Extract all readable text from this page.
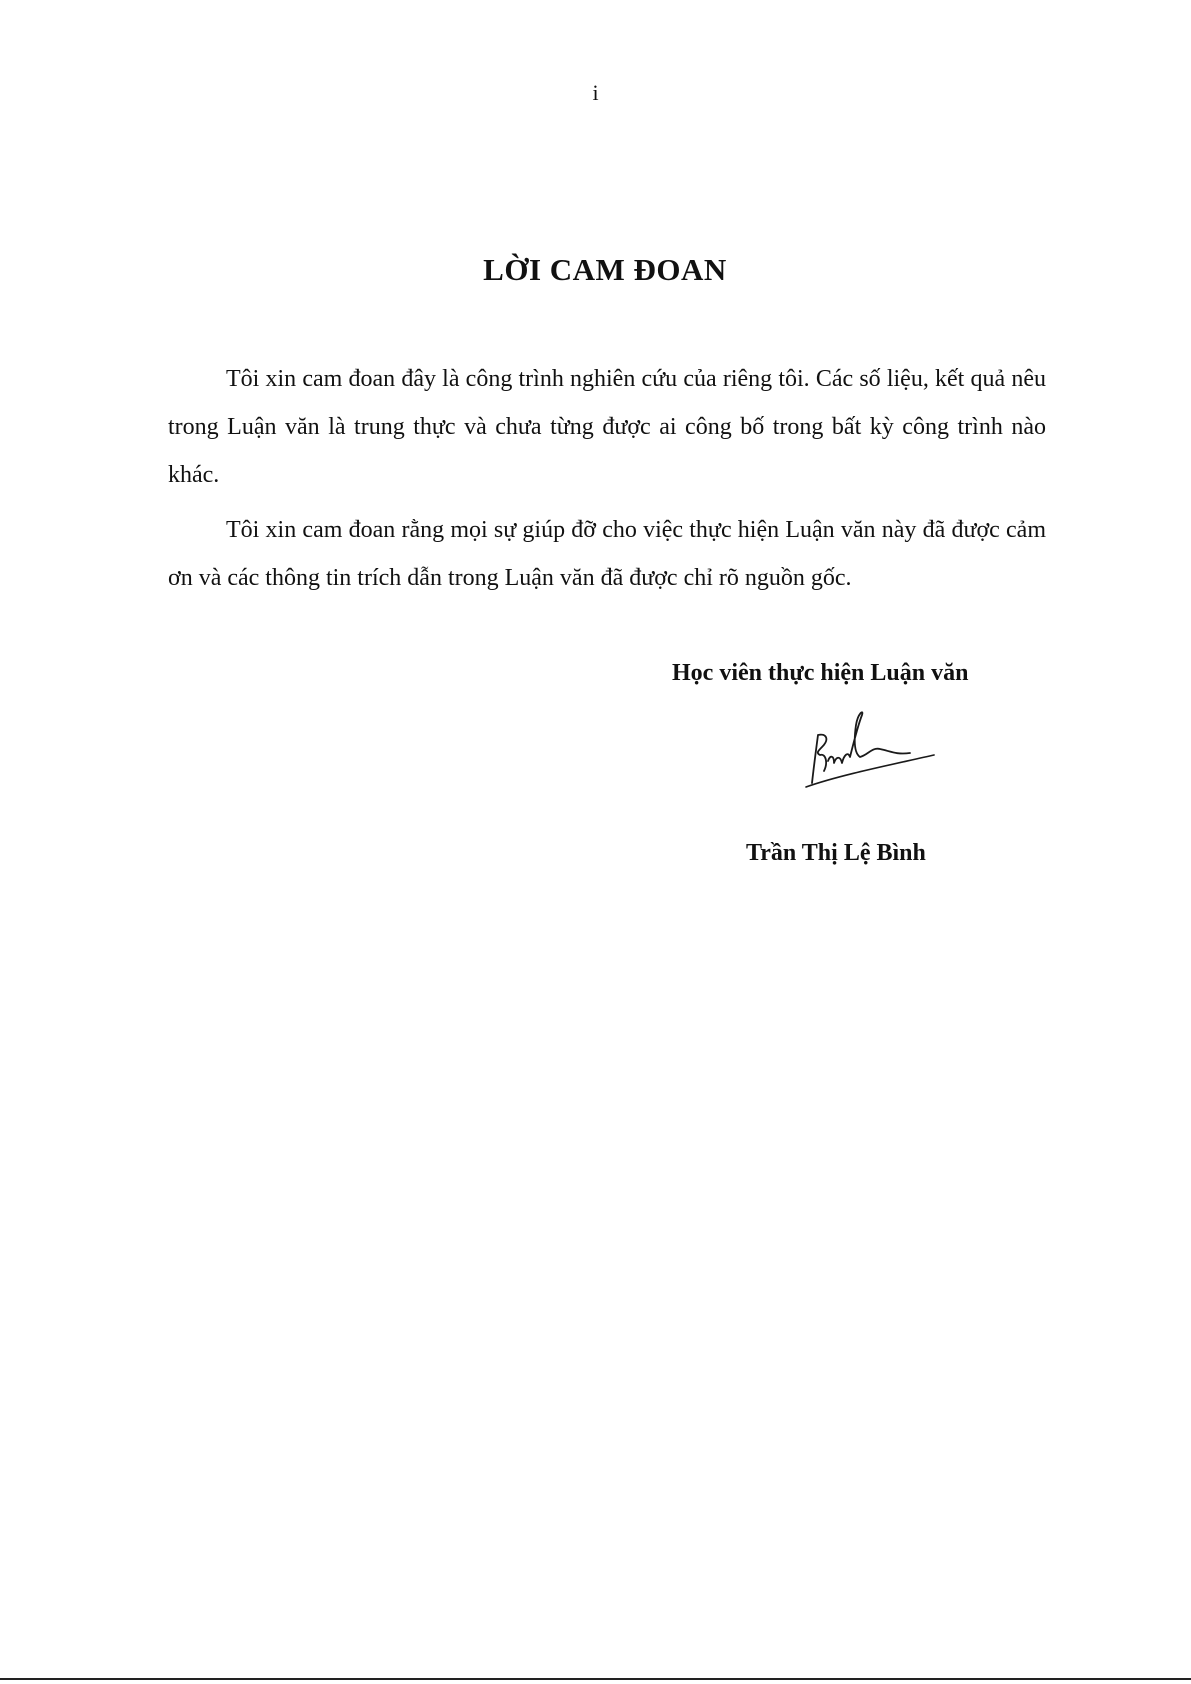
i
LỜI CAM ĐOAN

Tôi xin cam đoan đây là công trình nghiên cứu của riêng tôi. Các số liệu, kết quả nêu trong Luận văn là trung thực và chưa từng được ai công bố trong bất kỳ công trình nào khác.

Tôi xin cam đoan rằng mọi sự giúp đỡ cho việc thực hiện Luận văn này đã được cảm ơn và các thông tin trích dẫn trong Luận văn đã được chỉ rõ nguồn gốc.

Học viên thực hiện Luận văn
Trần Thị Lệ Bình
